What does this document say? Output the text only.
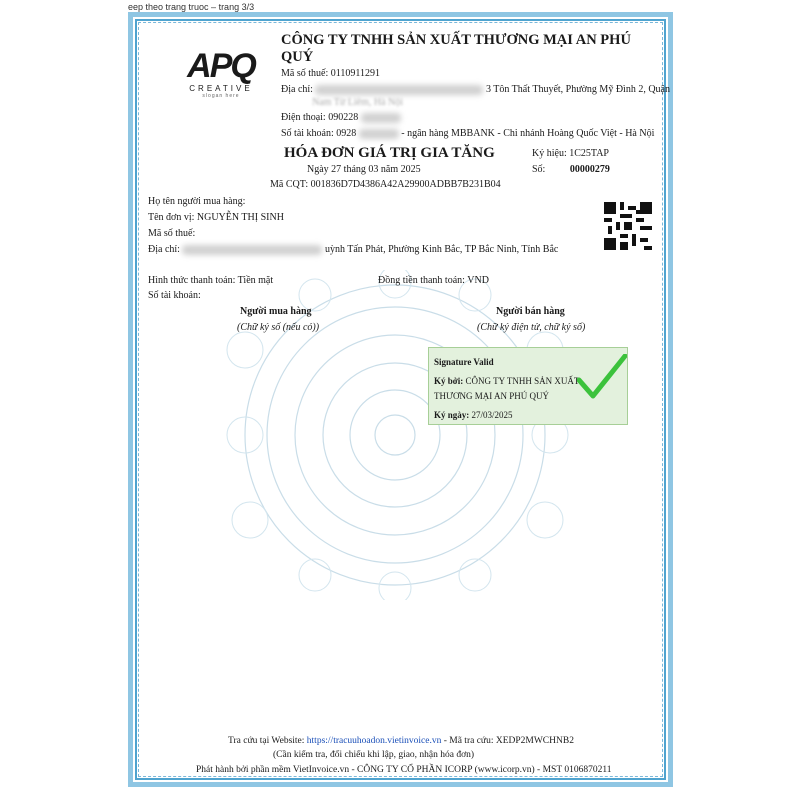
eep theo trang truoc – trang 3/3
APQ
CREATIVE
slogan here
CÔNG TY TNHH SẢN XUẤT THƯƠNG MẠI AN PHÚ
QUÝ
Mã số thuế: 0110911291
Địa chỉ:	3 Tôn Thất Thuyết, Phường Mỹ Đình 2, Quận
Nam Từ Liêm, Hà Nội
Điện thoại: 090228
Số tài khoản: 0928	- ngân hàng MBBANK - Chi nhánh Hoàng Quốc Việt - Hà Nội
HÓA ĐƠN GIÁ TRỊ GIA TĂNG
Ngày 27 tháng 03 năm 2025
Mã CQT: 001836D7D4386A42A29900ADBB7B231B04
Ký hiệu: 1C25TAP
Số: 00000279
Họ tên người mua hàng:
Tên đơn vị: NGUYỄN THỊ SINH
Mã số thuế:
Địa chỉ:	uỳnh Tấn Phát, Phường Kinh Bắc, TP Bắc Ninh, Tỉnh Bắc
Hình thức thanh toán: Tiền mặt	Đồng tiền thanh toán: VND
Số tài khoản:
Người mua hàng
(Chữ ký số (nếu có))
Người bán hàng
(Chữ ký điện tử, chữ ký số)
Signature Valid
Ký bởi: CÔNG TY TNHH SẢN XUẤT
THƯƠNG MẠI AN PHÚ QUÝ
Ký ngày: 27/03/2025
Tra cứu tại Website: https://tracuuhoadon.vietinvoice.vn - Mã tra cứu: XEDP2MWCHNB2
(Cần kiểm tra, đối chiếu khi lập, giao, nhận hóa đơn)
Phát hành bởi phần mềm VietInvoice.vn - CÔNG TY CỔ PHẦN ICORP (www.icorp.vn) - MST 0106870211
